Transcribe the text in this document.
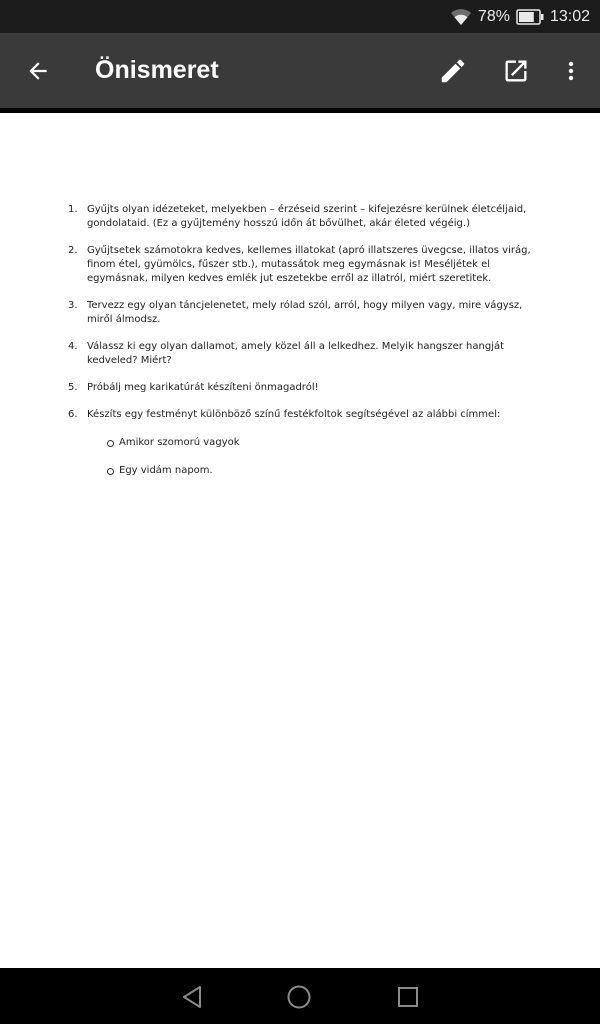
78%	13:02
Önismeret
1. Gyűjts olyan idézeteket, melyekben – érzéseid szerint – kifejezésre kerülnek életcéljaid, gondolataid. (Ez a gyűjtemény hosszú időn át bővülhet, akár életed végéig.)
2. Gyűjtsetek számotokra kedves, kellemes illatokat (apró illatszeres üvegcse, illatos virág, finom étel, gyümölcs, fűszer stb.), mutassátok meg egymásnak is! Meséljétek el egymásnak, milyen kedves emlék jut eszetekbe erről az illatról, miért szeretitek.
3. Tervezz egy olyan táncjelenetet, mely rólad szól, arról, hogy milyen vagy, mire vágysz, miről álmodsz.
4. Válassz ki egy olyan dallamot, amely közel áll a lelkedhez. Melyik hangszer hangját kedveled? Miért?
5. Próbálj meg karikatúrát készíteni önmagadról!
6. Készíts egy festményt különböző színű festékfoltok segítségével az alábbi címmel:
Amikor szomorú vagyok
Egy vidám napom.
